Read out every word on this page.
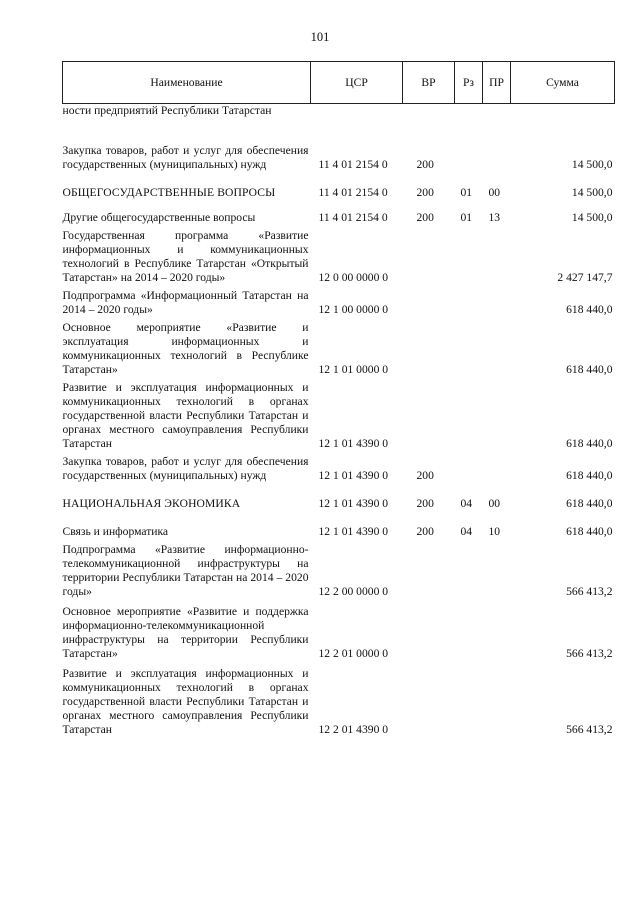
101
Наименование	ЦСР	ВР	Рз	ПР	Сумма
ности предприятий Республики Татарстан					
Закупка товаров, работ и услуг для обеспечения государственных (муниципальных) нужд	11 4 01 2154 0	200			14 500,0
ОБЩЕГОСУДАРСТВЕННЫЕ ВОПРОСЫ	11 4 01 2154 0	200	01	00	14 500,0
Другие общегосударственные вопросы	11 4 01 2154 0	200	01	13	14 500,0
Государственная программа «Развитие информационных и коммуникационных технологий в Республике Татарстан «Открытый Татарстан» на 2014 – 2020 годы»	12 0 00 0000 0				2 427 147,7
Подпрограмма «Информационный Татарстан на 2014 – 2020 годы»	12 1 00 0000 0				618 440,0
Основное мероприятие «Развитие и эксплуатация информационных и коммуникационных технологий в Республике Татарстан»	12 1 01 0000 0				618 440,0
Развитие и эксплуатация информационных и коммуникационных технологий в органах государственной власти Республики Татарстан и органах местного самоуправления Республики Татарстан	12 1 01 4390 0				618 440,0
Закупка товаров, работ и услуг для обеспечения государственных (муниципальных) нужд	12 1 01 4390 0	200			618 440,0
НАЦИОНАЛЬНАЯ ЭКОНОМИКА	12 1 01 4390 0	200	04	00	618 440,0
Связь и информатика	12 1 01 4390 0	200	04	10	618 440,0
Подпрограмма «Развитие информационно-телекоммуникационной инфраструктуры на территории Республики Татарстан на 2014 – 2020 годы»	12 2 00 0000 0				566 413,2
Основное мероприятие «Развитие и поддержка информационно-телекоммуникационной инфраструктуры на территории Республики Татарстан»	12 2 01 0000 0				566 413,2
Развитие и эксплуатация информационных и коммуникационных технологий в органах государственной власти Республики Татарстан и органах местного самоуправления Республики Татарстан	12 2 01 4390 0				566 413,2
